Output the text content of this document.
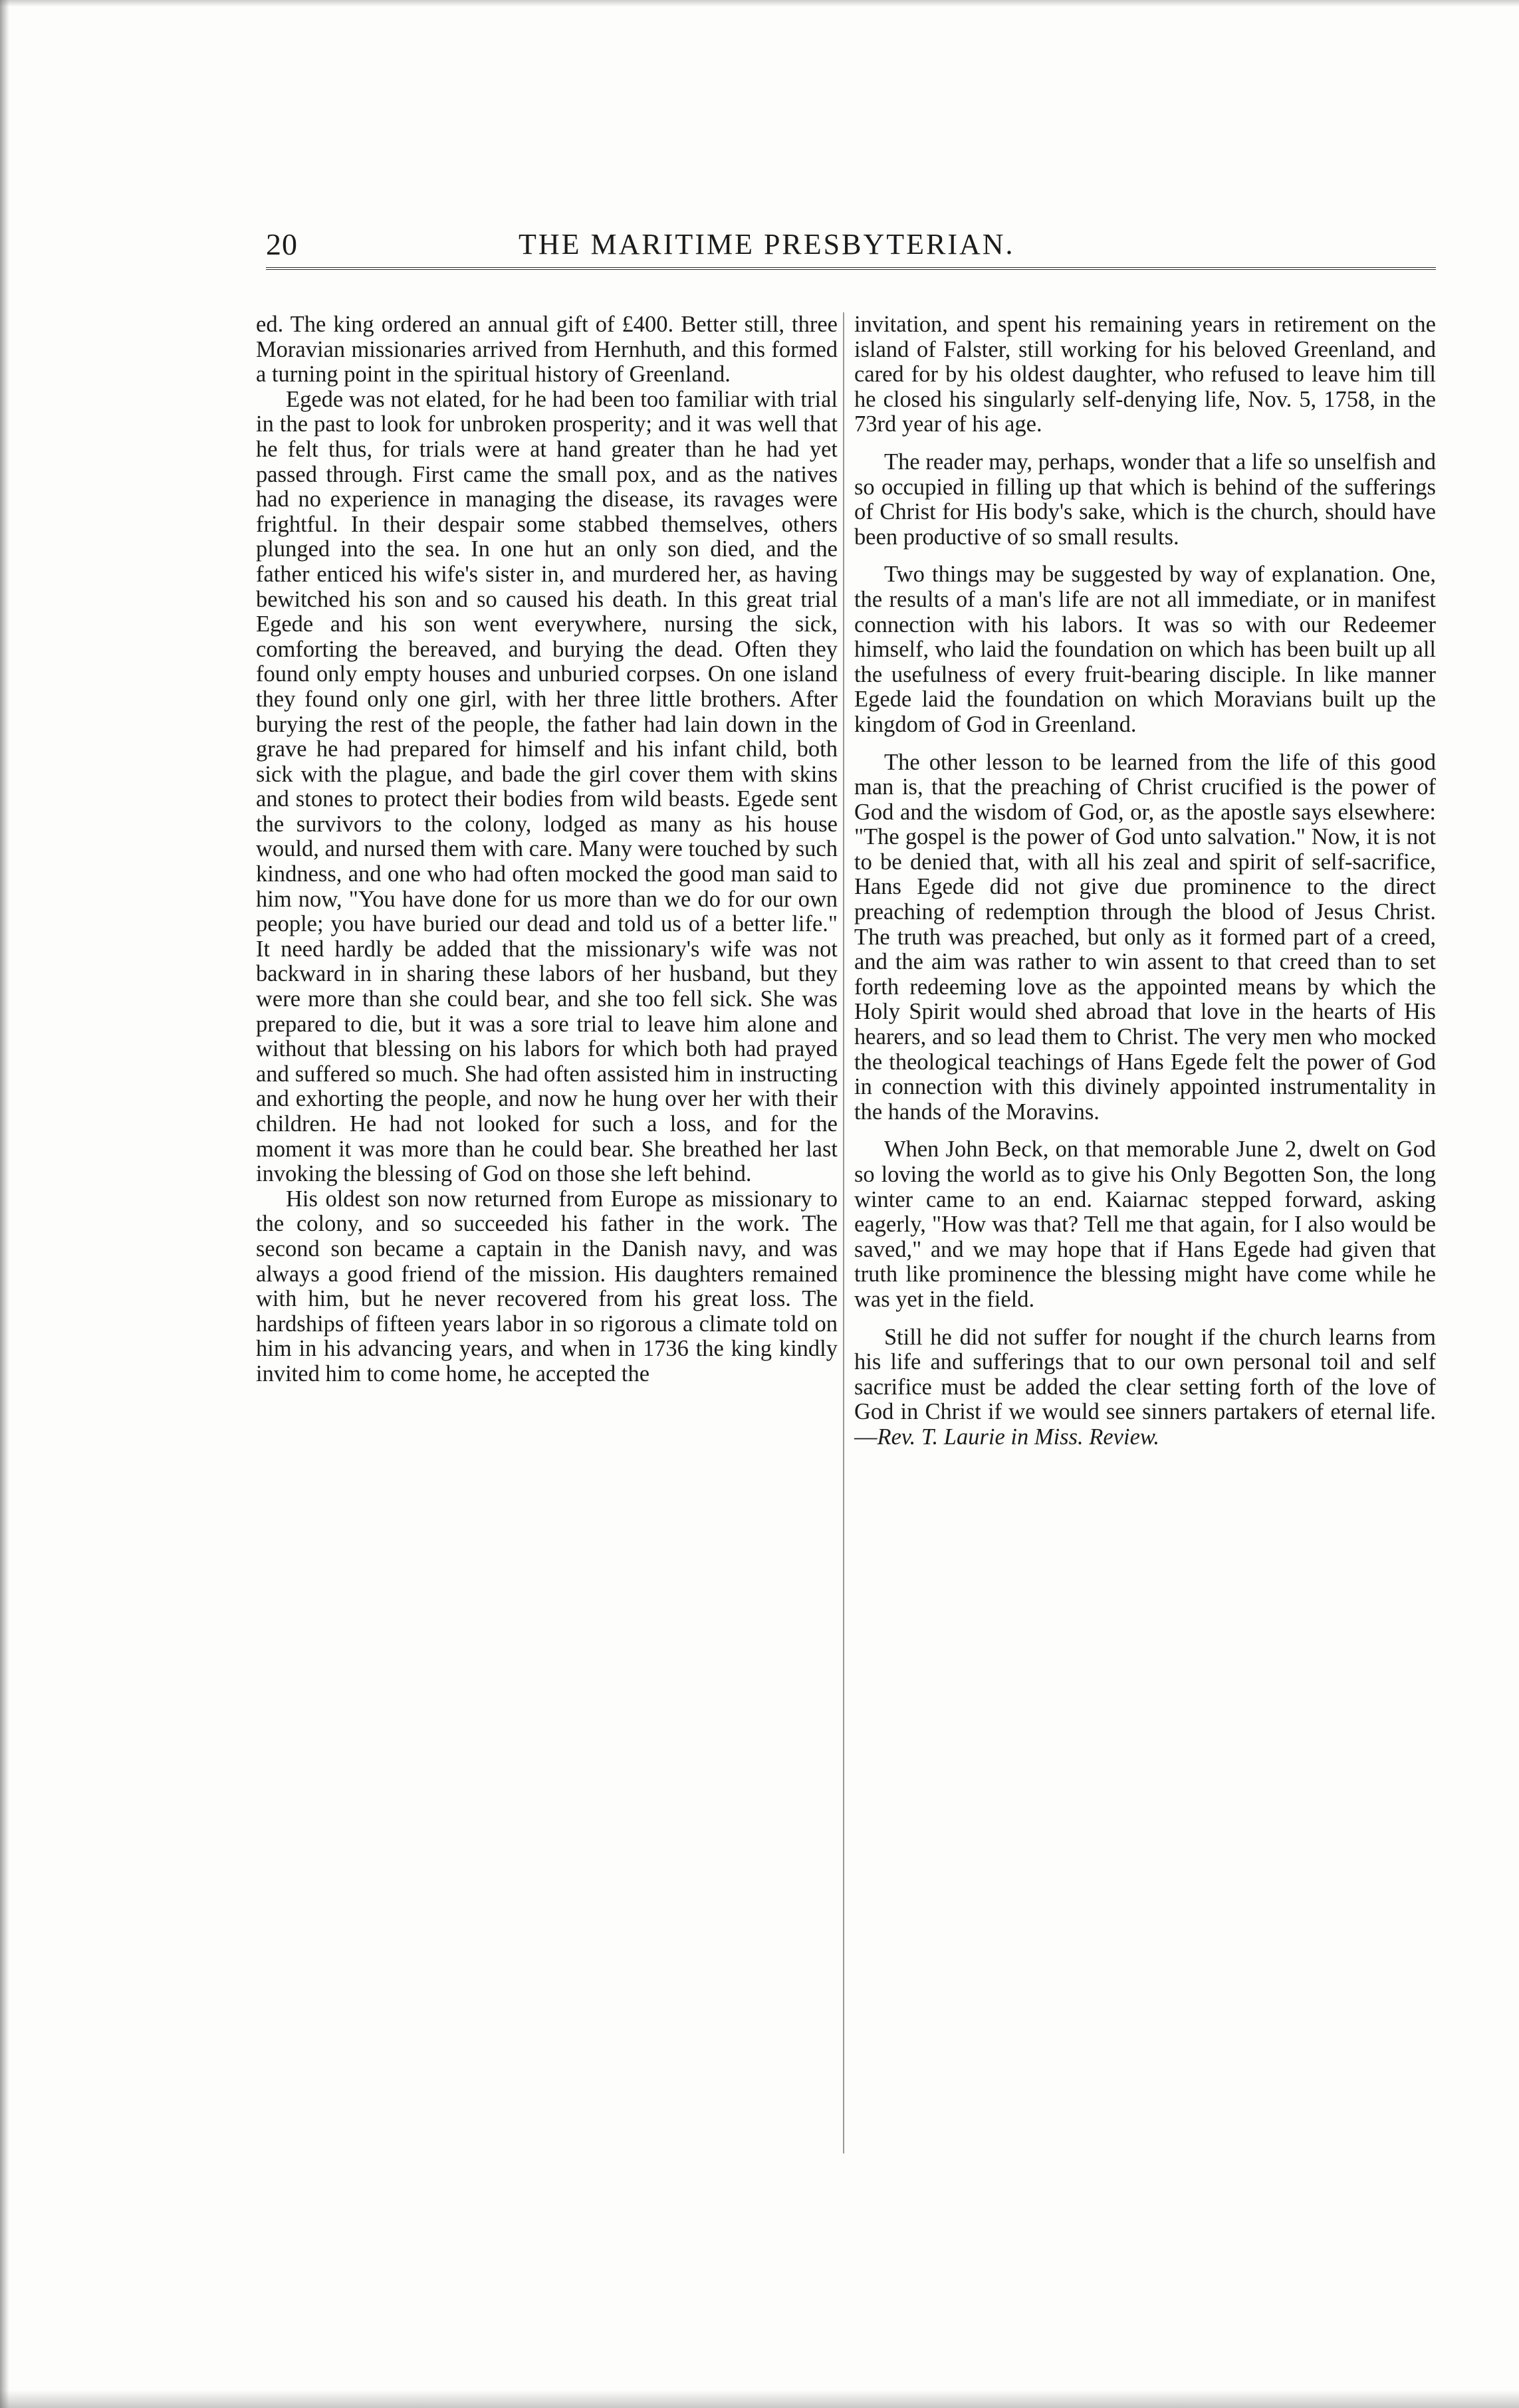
20	THE MARITIME PRESBYTERIAN.

ed. The king ordered an annual gift of £400. Better still, three Moravian missionaries arrived from Hernhuth, and this formed a turning point in the spiritual history of Greenland.

Egede was not elated, for he had been too familiar with trial in the past to look for unbroken prosperity; and it was well that he felt thus, for trials were at hand greater than he had yet passed through. First came the small pox, and as the natives had no experience in managing the disease, its ravages were frightful. In their despair some stabbed themselves, others plunged into the sea. In one hut an only son died, and the father enticed his wife's sister in, and murdered her, as having bewitched his son and so caused his death. In this great trial Egede and his son went everywhere, nursing the sick, comforting the bereaved, and burying the dead. Often they found only empty houses and unburied corpses. On one island they found only one girl, with her three little brothers. After burying the rest of the people, the father had lain down in the grave he had prepared for himself and his infant child, both sick with the plague, and bade the girl cover them with skins and stones to protect their bodies from wild beasts. Egede sent the survivors to the colony, lodged as many as his house would, and nursed them with care. Many were touched by such kindness, and one who had often mocked the good man said to him now, "You have done for us more than we do for our own people; you have buried our dead and told us of a better life." It need hardly be added that the missionary's wife was not backward in in sharing these labors of her husband, but they were more than she could bear, and she too fell sick. She was prepared to die, but it was a sore trial to leave him alone and without that blessing on his labors for which both had prayed and suffered so much. She had often assisted him in instructing and exhorting the people, and now he hung over her with their children. He had not looked for such a loss, and for the moment it was more than he could bear. She breathed her last invoking the blessing of God on those she left behind.

His oldest son now returned from Europe as missionary to the colony, and so succeeded his father in the work. The second son became a captain in the Danish navy, and was always a good friend of the mission. His daughters remained with him, but he never recovered from his great loss. The hardships of fifteen years labor in so rigorous a climate told on him in his advancing years, and when in 1736 the king kindly invited him to come home, he accepted the

invitation, and spent his remaining years in retirement on the island of Falster, still working for his beloved Greenland, and cared for by his oldest daughter, who refused to leave him till he closed his singularly self-denying life, Nov. 5, 1758, in the 73rd year of his age.

The reader may, perhaps, wonder that a life so unselfish and so occupied in filling up that which is behind of the sufferings of Christ for His body's sake, which is the church, should have been productive of so small results.

Two things may be suggested by way of explanation. One, the results of a man's life are not all immediate, or in manifest connection with his labors. It was so with our Redeemer himself, who laid the foundation on which has been built up all the usefulness of every fruit-bearing disciple. In like manner Egede laid the foundation on which Moravians built up the kingdom of God in Greenland.

The other lesson to be learned from the life of this good man is, that the preaching of Christ crucified is the power of God and the wisdom of God, or, as the apostle says elsewhere: "The gospel is the power of God unto salvation." Now, it is not to be denied that, with all his zeal and spirit of self-sacrifice, Hans Egede did not give due prominence to the direct preaching of redemption through the blood of Jesus Christ. The truth was preached, but only as it formed part of a creed, and the aim was rather to win assent to that creed than to set forth redeeming love as the appointed means by which the Holy Spirit would shed abroad that love in the hearts of His hearers, and so lead them to Christ. The very men who mocked the theological teachings of Hans Egede felt the power of God in connection with this divinely appointed instrumentality in the hands of the Moravins.

When John Beck, on that memorable June 2, dwelt on God so loving the world as to give his Only Begotten Son, the long winter came to an end. Kaiarnac stepped forward, asking eagerly, "How was that? Tell me that again, for I also would be saved," and we may hope that if Hans Egede had given that truth like prominence the blessing might have come while he was yet in the field.

Still he did not suffer for nought if the church learns from his life and sufferings that to our own personal toil and self sacrifice must be added the clear setting forth of the love of God in Christ if we would see sinners partakers of eternal life.—Rev. T. Laurie in Miss. Review.
